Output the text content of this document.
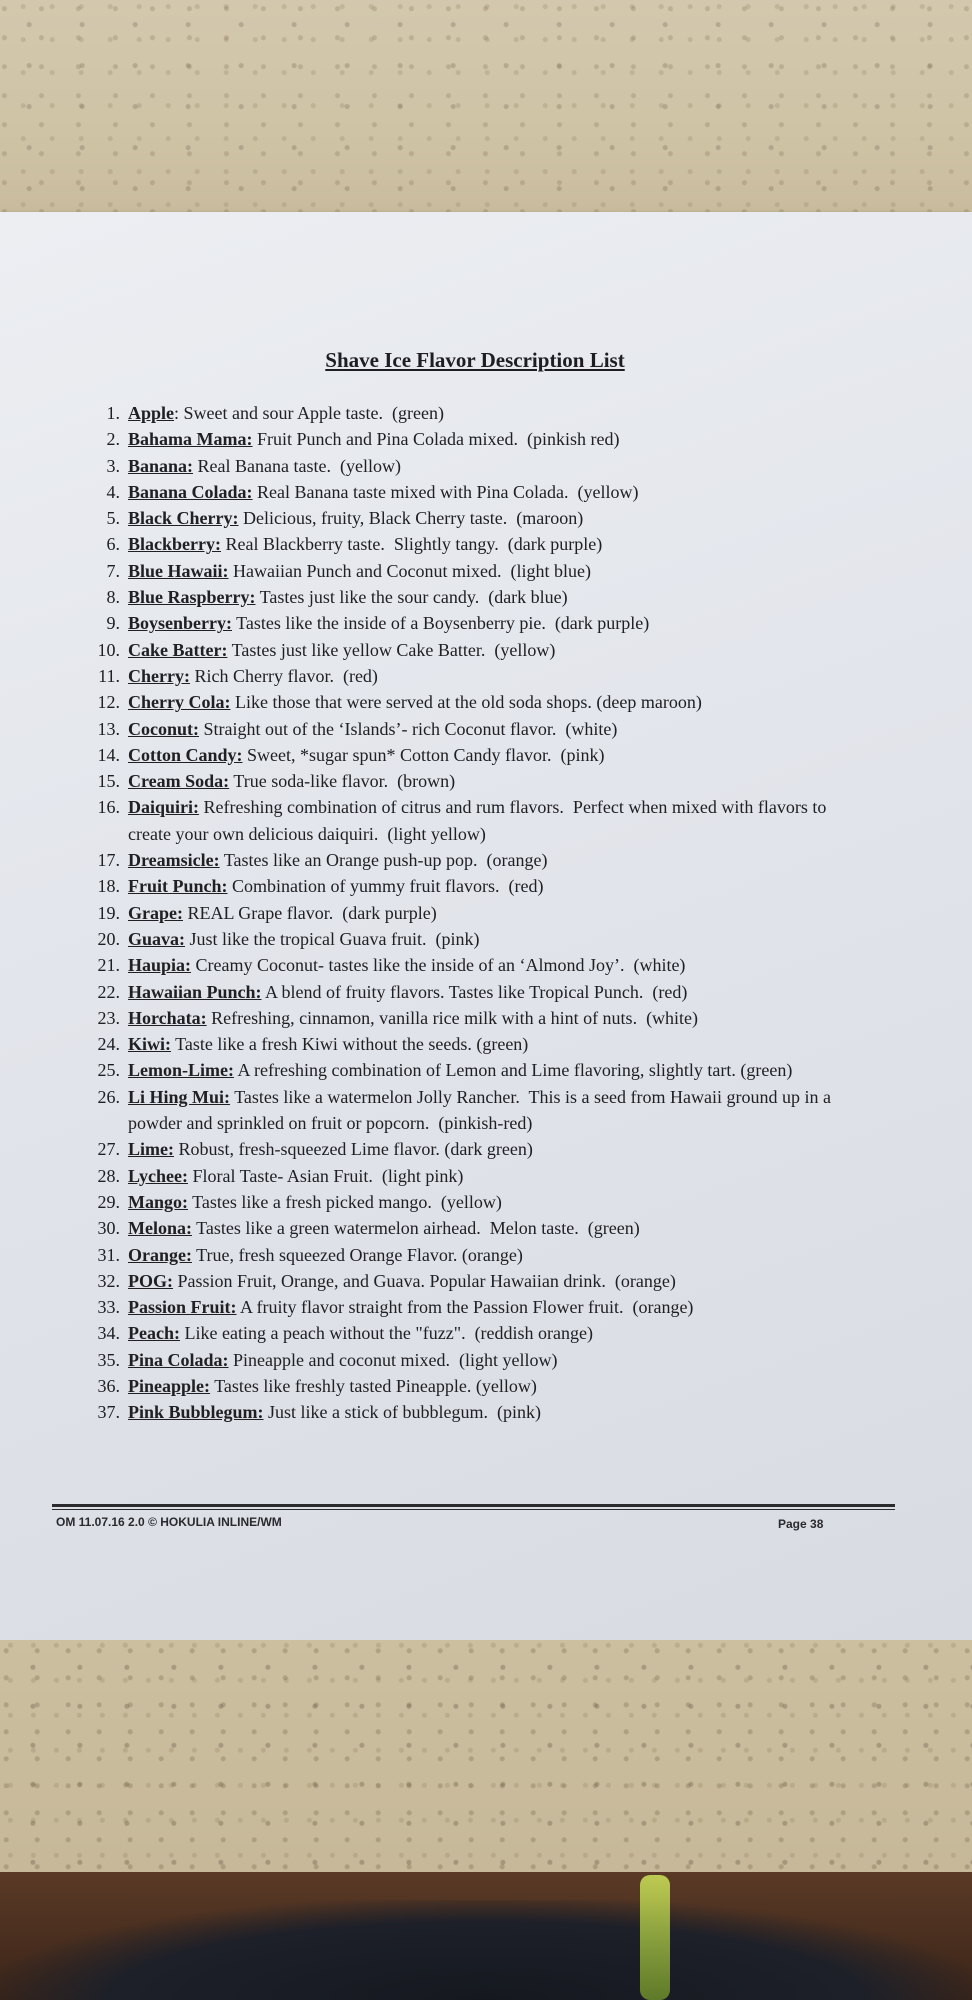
Shave Ice Flavor Description List
1. Apple: Sweet and sour Apple taste.  (green)
2. Bahama Mama: Fruit Punch and Pina Colada mixed.  (pinkish red)
3. Banana: Real Banana taste.  (yellow)
4. Banana Colada: Real Banana taste mixed with Pina Colada.  (yellow)
5. Black Cherry: Delicious, fruity, Black Cherry taste.  (maroon)
6. Blackberry: Real Blackberry taste.  Slightly tangy.  (dark purple)
7. Blue Hawaii: Hawaiian Punch and Coconut mixed.  (light blue)
8. Blue Raspberry: Tastes just like the sour candy.  (dark blue)
9. Boysenberry: Tastes like the inside of a Boysenberry pie.  (dark purple)
10. Cake Batter: Tastes just like yellow Cake Batter.  (yellow)
11. Cherry: Rich Cherry flavor.  (red)
12. Cherry Cola: Like those that were served at the old soda shops. (deep maroon)
13. Coconut: Straight out of the ‘Islands’- rich Coconut flavor.  (white)
14. Cotton Candy: Sweet, *sugar spun* Cotton Candy flavor.  (pink)
15. Cream Soda: True soda-like flavor.  (brown)
16. Daiquiri: Refreshing combination of citrus and rum flavors.  Perfect when mixed with flavors to create your own delicious daiquiri.  (light yellow)
17. Dreamsicle: Tastes like an Orange push-up pop.  (orange)
18. Fruit Punch: Combination of yummy fruit flavors.  (red)
19. Grape: REAL Grape flavor.  (dark purple)
20. Guava: Just like the tropical Guava fruit.  (pink)
21. Haupia: Creamy Coconut- tastes like the inside of an ‘Almond Joy’.  (white)
22. Hawaiian Punch: A blend of fruity flavors. Tastes like Tropical Punch.  (red)
23. Horchata: Refreshing, cinnamon, vanilla rice milk with a hint of nuts.  (white)
24. Kiwi: Taste like a fresh Kiwi without the seeds. (green)
25. Lemon-Lime: A refreshing combination of Lemon and Lime flavoring, slightly tart. (green)
26. Li Hing Mui: Tastes like a watermelon Jolly Rancher.  This is a seed from Hawaii ground up in a powder and sprinkled on fruit or popcorn.  (pinkish-red)
27. Lime: Robust, fresh-squeezed Lime flavor. (dark green)
28. Lychee: Floral Taste- Asian Fruit.  (light pink)
29. Mango: Tastes like a fresh picked mango.  (yellow)
30. Melona: Tastes like a green watermelon airhead.  Melon taste.  (green)
31. Orange: True, fresh squeezed Orange Flavor. (orange)
32. POG: Passion Fruit, Orange, and Guava. Popular Hawaiian drink.  (orange)
33. Passion Fruit: A fruity flavor straight from the Passion Flower fruit.  (orange)
34. Peach: Like eating a peach without the "fuzz".  (reddish orange)
35. Pina Colada: Pineapple and coconut mixed.  (light yellow)
36. Pineapple: Tastes like freshly tasted Pineapple. (yellow)
37. Pink Bubblegum: Just like a stick of bubblegum.  (pink)
OM 11.07.16 2.0 © HOKULIA INLINE/WM	Page 38
